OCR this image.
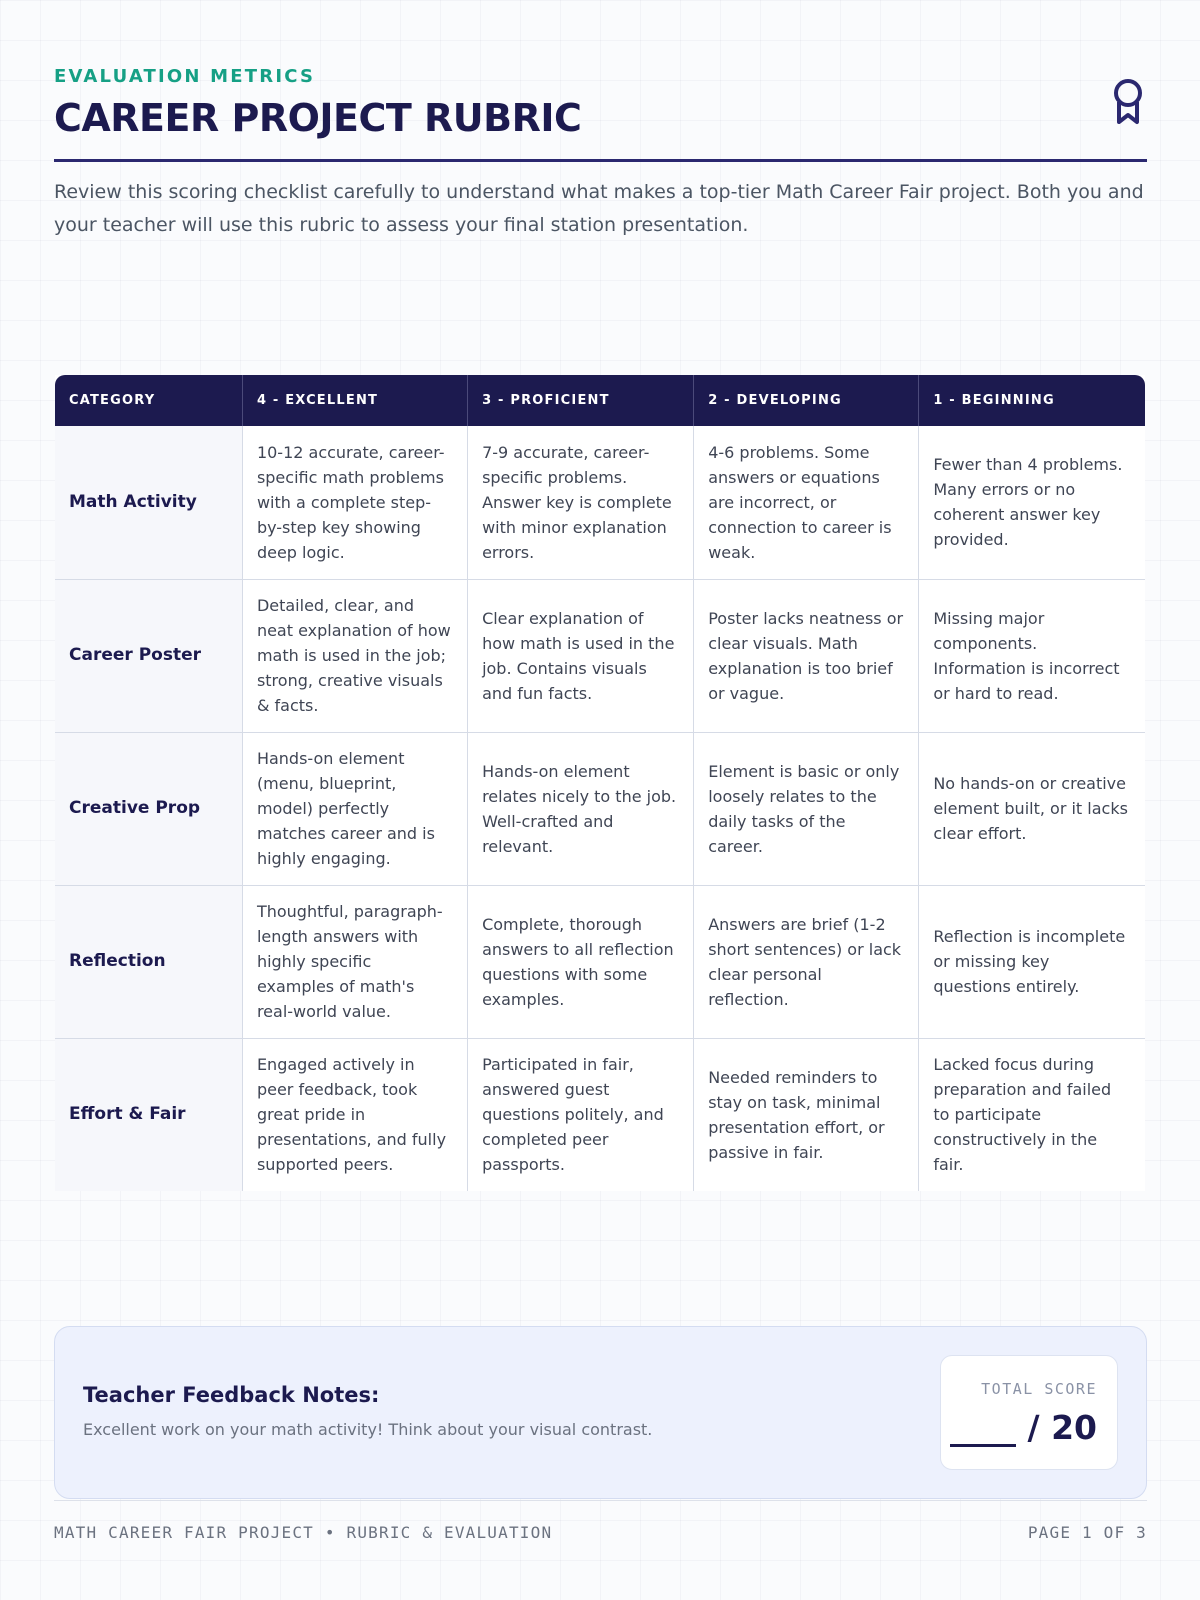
EVALUATION METRICS
CAREER PROJECT RUBRIC

Review this scoring checklist carefully to understand what makes a top-tier Math Career Fair project. Both you and your teacher will use this rubric to assess your final station presentation.

CATEGORY	4 - EXCELLENT	3 - PROFICIENT	2 - DEVELOPING	1 - BEGINNING
Math Activity	10-12 accurate, career-specific math problems with a complete step-by-step key showing deep logic.	7-9 accurate, career-specific problems. Answer key is complete with minor explanation errors.	4-6 problems. Some answers or equations are incorrect, or connection to career is weak.	Fewer than 4 problems. Many errors or no coherent answer key provided.
Career Poster	Detailed, clear, and neat explanation of how math is used in the job; strong, creative visuals & facts.	Clear explanation of how math is used in the job. Contains visuals and fun facts.	Poster lacks neatness or clear visuals. Math explanation is too brief or vague.	Missing major components. Information is incorrect or hard to read.
Creative Prop	Hands-on element (menu, blueprint, model) perfectly matches career and is highly engaging.	Hands-on element relates nicely to the job. Well-crafted and relevant.	Element is basic or only loosely relates to the daily tasks of the career.	No hands-on or creative element built, or it lacks clear effort.
Reflection	Thoughtful, paragraph-length answers with highly specific examples of math's real-world value.	Complete, thorough answers to all reflection questions with some examples.	Answers are brief (1-2 short sentences) or lack clear personal reflection.	Reflection is incomplete or missing key questions entirely.
Effort & Fair	Engaged actively in peer feedback, took great pride in presentations, and fully supported peers.	Participated in fair, answered guest questions politely, and completed peer passports.	Needed reminders to stay on task, minimal presentation effort, or passive in fair.	Lacked focus during preparation and failed to participate constructively in the fair.
Teacher Feedback Notes:
Excellent work on your math activity! Think about your visual contrast.
TOTAL SCORE
____ / 20
MATH CAREER FAIR PROJECT • RUBRIC & EVALUATION	PAGE 1 OF 3
